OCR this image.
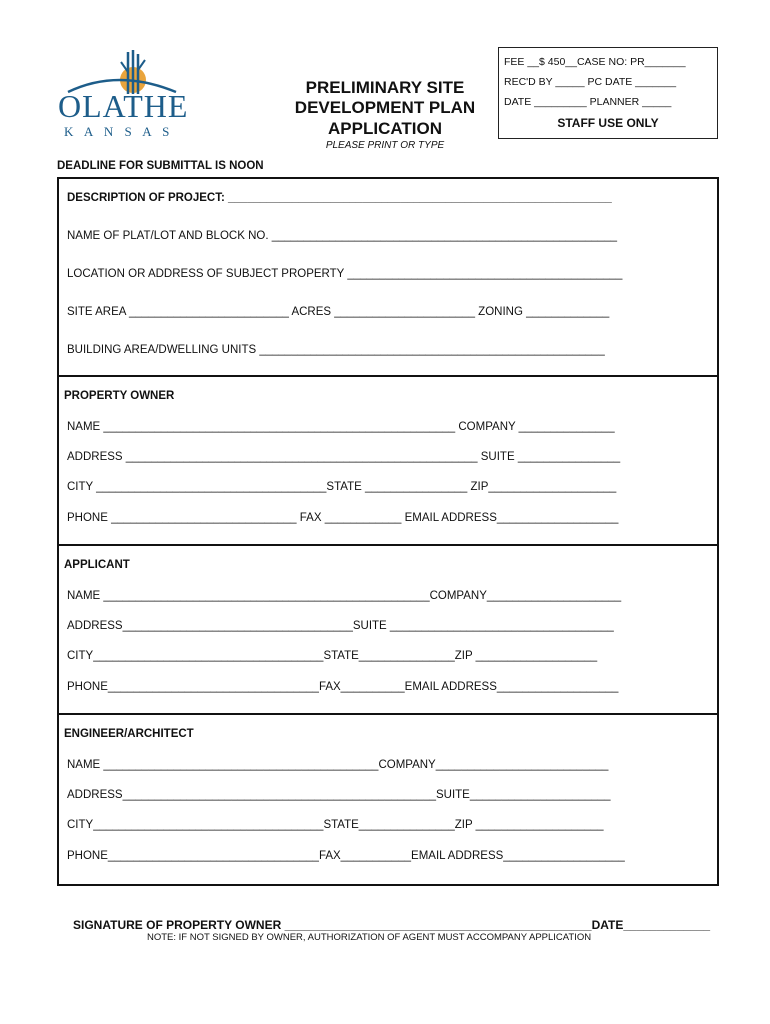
OLATHE
K A N S A S
PRELIMINARY SITE
DEVELOPMENT PLAN
APPLICATION
PLEASE PRINT OR TYPE
FEE __$ 450__CASE NO: PR_______
REC'D BY _____ PC DATE _______
DATE _________ PLANNER _____
STAFF USE ONLY
DEADLINE FOR SUBMITTAL IS NOON
DESCRIPTION OF PROJECT: ____________________________________________________________
NAME OF PLAT/LOT AND BLOCK NO. ______________________________________________________
LOCATION OR ADDRESS OF SUBJECT PROPERTY ___________________________________________
SITE AREA _________________________ ACRES ______________________ ZONING _____________
BUILDING AREA/DWELLING UNITS ______________________________________________________
PROPERTY OWNER
NAME _______________________________________________________ COMPANY _______________
ADDRESS _______________________________________________________ SUITE ________________
CITY ____________________________________STATE ________________ ZIP____________________
PHONE _____________________________ FAX ____________ EMAIL ADDRESS___________________
APPLICANT
NAME ___________________________________________________COMPANY_____________________
ADDRESS____________________________________SUITE ___________________________________
CITY____________________________________STATE_______________ZIP ___________________
PHONE_________________________________FAX__________EMAIL ADDRESS___________________
ENGINEER/ARCHITECT
NAME ___________________________________________COMPANY___________________________
ADDRESS_________________________________________________SUITE______________________
CITY____________________________________STATE_______________ZIP ____________________
PHONE_________________________________FAX___________EMAIL ADDRESS___________________
SIGNATURE OF PROPERTY OWNER ______________________________________________DATE_____________
NOTE: IF NOT SIGNED BY OWNER, AUTHORIZATION OF AGENT MUST ACCOMPANY APPLICATION
